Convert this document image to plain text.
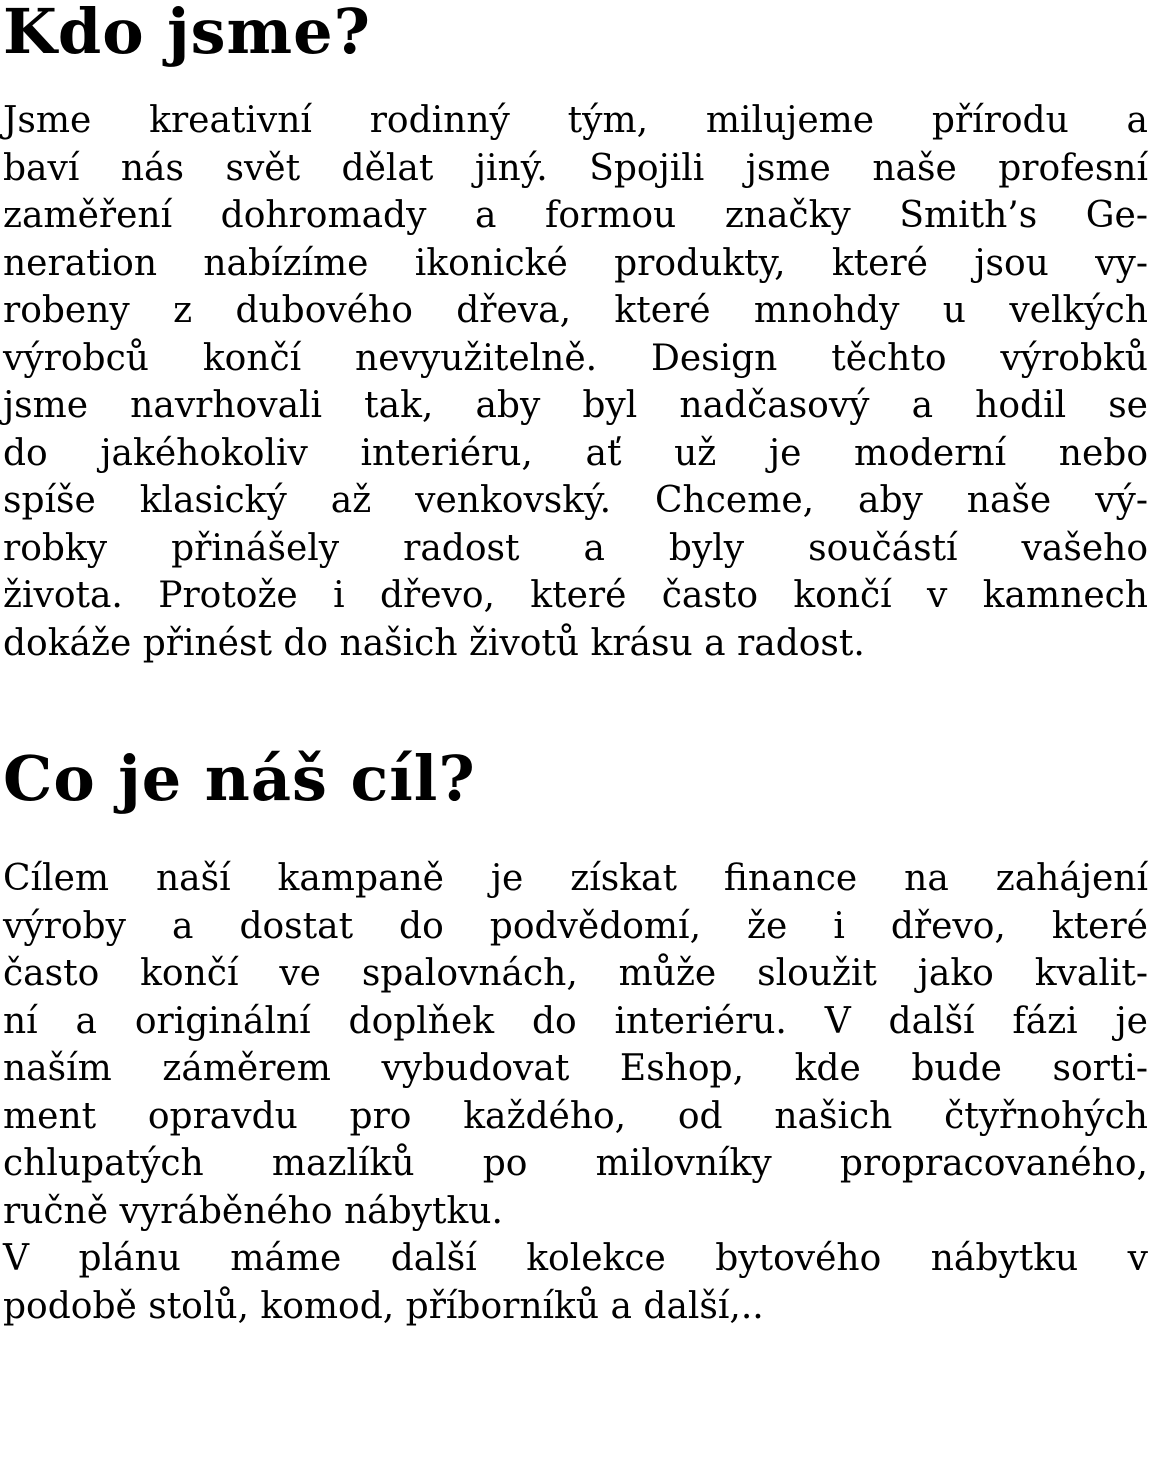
Kdo jsme?
Jsme kreativní rodinný tým, milujeme přírodu a
baví nás svět dělat jiný. Spojili jsme naše profesní
zaměření dohromady a formou značky Smith’s Ge-
neration nabízíme ikonické produkty, které jsou vy-
robeny z dubového dřeva, které mnohdy u velkých
výrobců končí nevyužitelně. Design těchto výrobků
jsme navrhovali tak, aby byl nadčasový a hodil se
do jakéhokoliv interiéru, ať už je moderní nebo
spíše klasický až venkovský. Chceme, aby naše vý-
robky přinášely radost a byly součástí vašeho
života. Protože i dřevo, které často končí v kamnech
dokáže přinést do našich životů krásu a radost.
Co je náš cíl?
Cílem naší kampaně je získat finance na zahájení
výroby a dostat do podvědomí, že i dřevo, které
často končí ve spalovnách, může sloužit jako kvalit-
ní a originální doplňek do interiéru. V další fázi je
naším záměrem vybudovat Eshop, kde bude sorti-
ment opravdu pro každého, od našich čtyřnohých
chlupatých mazlíků po milovníky propracovaného,
ručně vyráběného nábytku.
V plánu máme další kolekce bytového nábytku v
podobě stolů, komod, příborníků a další,..
